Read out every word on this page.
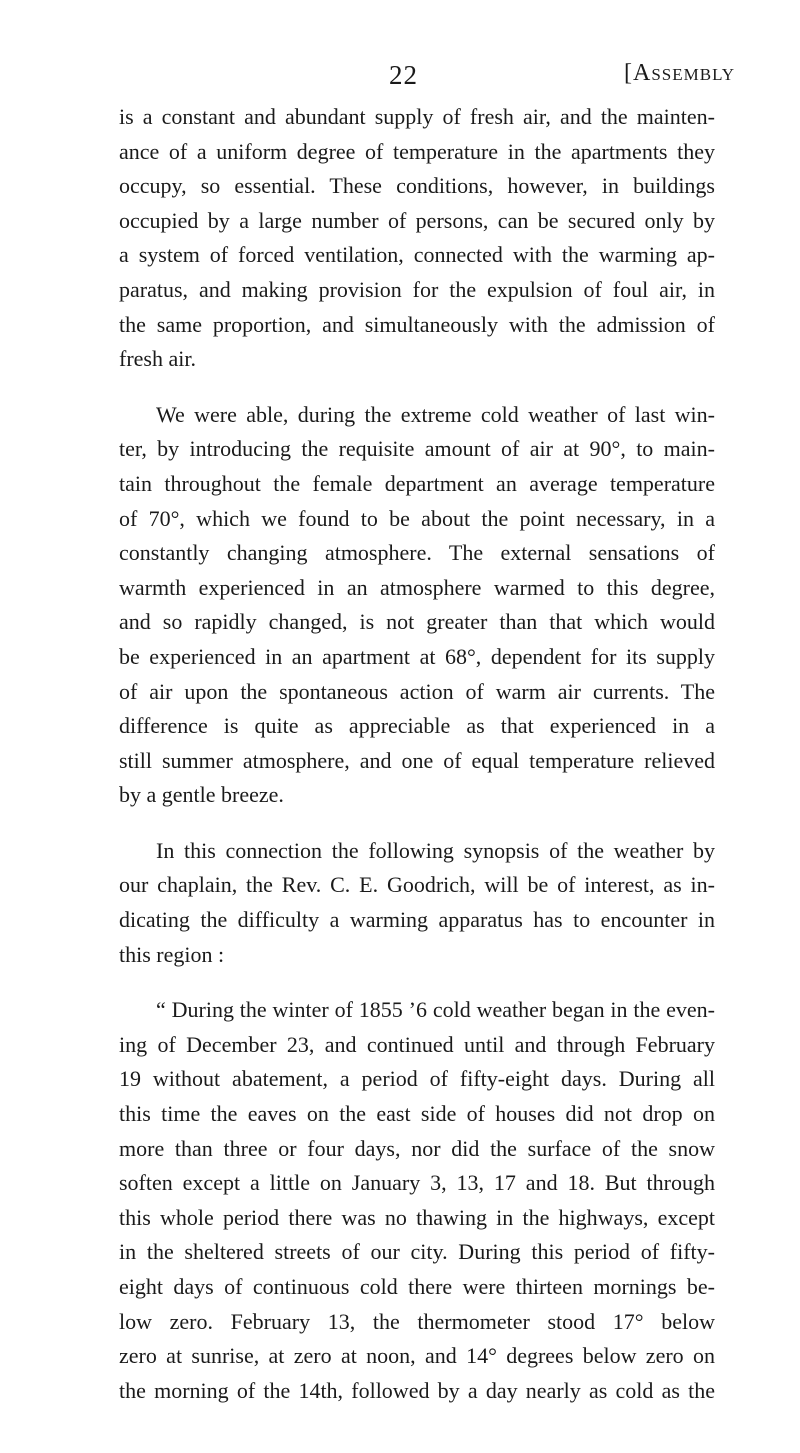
22	[Assembly

is a constant and abundant supply of fresh air, and the mainten-
ance of a uniform degree of temperature in the apartments they
occupy, so essential. These conditions, however, in buildings
occupied by a large number of persons, can be secured only by
a system of forced ventilation, connected with the warming ap-
paratus, and making provision for the expulsion of foul air, in
the same proportion, and simultaneously with the admission of
fresh air.

We were able, during the extreme cold weather of last win-
ter, by introducing the requisite amount of air at 90°, to main-
tain throughout the female department an average temperature
of 70°, which we found to be about the point necessary, in a
constantly changing atmosphere. The external sensations of
warmth experienced in an atmosphere warmed to this degree,
and so rapidly changed, is not greater than that which would
be experienced in an apartment at 68°, dependent for its supply
of air upon the spontaneous action of warm air currents. The
difference is quite as appreciable as that experienced in a
still summer atmosphere, and one of equal temperature relieved
by a gentle breeze.

In this connection the following synopsis of the weather by
our chaplain, the Rev. C. E. Goodrich, will be of interest, as in-
dicating the difficulty a warming apparatus has to encounter in
this region :

“ During the winter of 1855 ’6 cold weather began in the even-
ing of December 23, and continued until and through February
19 without abatement, a period of fifty-eight days. During all
this time the eaves on the east side of houses did not drop on
more than three or four days, nor did the surface of the snow
soften except a little on January 3, 13, 17 and 18. But through
this whole period there was no thawing in the highways, except
in the sheltered streets of our city. During this period of fifty-
eight days of continuous cold there were thirteen mornings be-
low zero. February 13, the thermometer stood 17° below
zero at sunrise, at zero at noon, and 14° degrees below zero on
the morning of the 14th, followed by a day nearly as cold as the
